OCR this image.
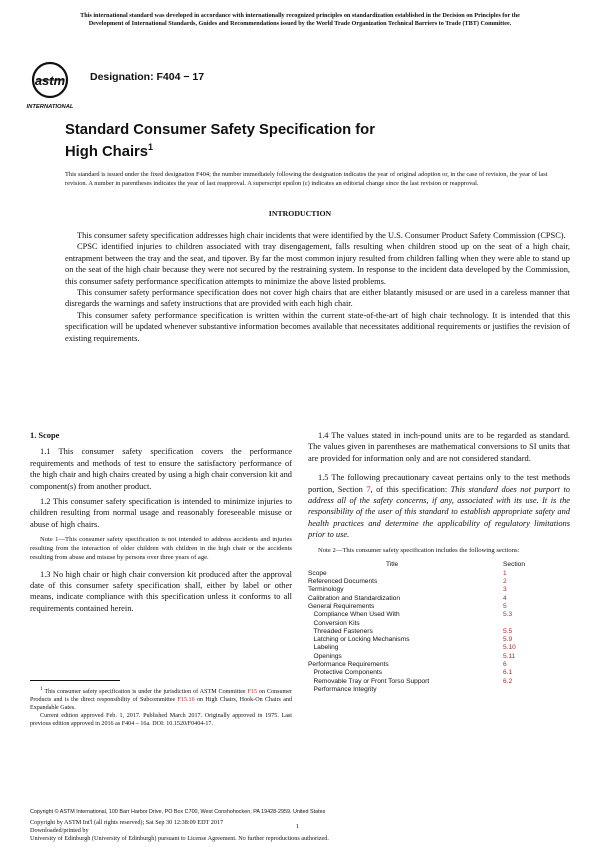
This international standard was developed in accordance with internationally recognized principles on standardization established in the Decision on Principles for the
Development of International Standards, Guides and Recommendations issued by the World Trade Organization Technical Barriers to Trade (TBT) Committee.
astm
INTERNATIONAL
Designation: F404 − 17
Standard Consumer Safety Specification for
High Chairs$^1$
This standard is issued under the fixed designation F404; the number immediately following the designation indicates the year of original adoption or, in the case of revision, the year of last revision. A number in parentheses indicates the year of last reapproval. A superscript epsilon (ε) indicates an editorial change since the last revision or reapproval.
INTRODUCTION

This consumer safety specification addresses high chair incidents that were identified by the U.S. Consumer Product Safety Commission (CPSC).

CPSC identified injuries to children associated with tray disengagement, falls resulting when children stood up on the seat of a high chair, entrapment between the tray and the seat, and tipover. By far the most common injury resulted from children falling when they were able to stand up on the seat of the high chair because they were not secured by the restraining system. In response to the incident data developed by the Commission, this consumer safety performance specification attempts to minimize the above listed problems.

This consumer safety performance specification does not cover high chairs that are either blatantly misused or are used in a careless manner that disregards the warnings and safety instructions that are provided with each high chair.

This consumer safety performance specification is written within the current state-of-the-art of high chair technology. It is intended that this specification will be updated whenever substantive information becomes available that necessitates additional requirements or justifies the revision of existing requirements.

1. Scope

1.1 This consumer safety specification covers the performance requirements and methods of test to ensure the satisfactory performance of the high chair and high chairs created by using a high chair conversion kit and component(s) from another product.

1.2 This consumer safety specification is intended to minimize injuries to children resulting from normal usage and reasonably foreseeable misuse or abuse of high chairs.

Note 1—This consumer safety specification is not intended to address accidents and injuries resulting from the interaction of older children with children in the high chair or the accidents resulting from abuse and misuse by persons over three years of age.

1.3 No high chair or high chair conversion kit produced after the approval date of this consumer safety specification shall, either by label or other means, indicate compliance with this specification unless it conforms to all requirements contained herein.

$^1$ This consumer safety specification is under the jurisdiction of ASTM Committee F15 on Consumer Products and is the direct responsibility of Subcommittee F15.16 on High Chairs, Hook-On Chairs and Expandable Gates.
Current edition approved Feb. 1, 2017. Published March 2017. Originally approved in 1975. Last previous edition approved in 2016 as F404 – 16a. DOI: 10.1520/F0404-17.

1.4 The values stated in inch-pound units are to be regarded as standard. The values given in parentheses are mathematical conversions to SI units that are provided for information only and are not considered standard.

1.5 The following precautionary caveat pertains only to the test methods portion, Section 7, of this specification: This standard does not purport to address all of the safety concerns, if any, associated with its use. It is the responsibility of the user of this standard to establish appropriate safety and health practices and determine the applicability of regulatory limitations prior to use.

Note 2—This consumer safety specification includes the following sections:

Title	Section
Scope	1
Referenced Documents	2
Terminology	3
Calibration and Standardization	4
General Requirements	5
Compliance When Used With	5.3
Conversion Kits
Threaded Fasteners	5.5
Latching or Locking Mechanisms	5.9
Labeling	5.10
Openings	5.11
Performance Requirements	6
Protective Components	6.1
Removable Tray or Front Torso Support	6.2
Performance Integrity
Copyright © ASTM International, 100 Barr Harbor Drive, PO Box C700, West Conshohocken, PA 19428-2959. United States
Copyright by ASTM Int'l (all rights reserved); Sat Sep 30 12:38:09 EDT 2017
Downloaded/printed by
University of Edinburgh (University of Edinburgh) pursuant to License Agreement. No further reproductions authorized.
1
